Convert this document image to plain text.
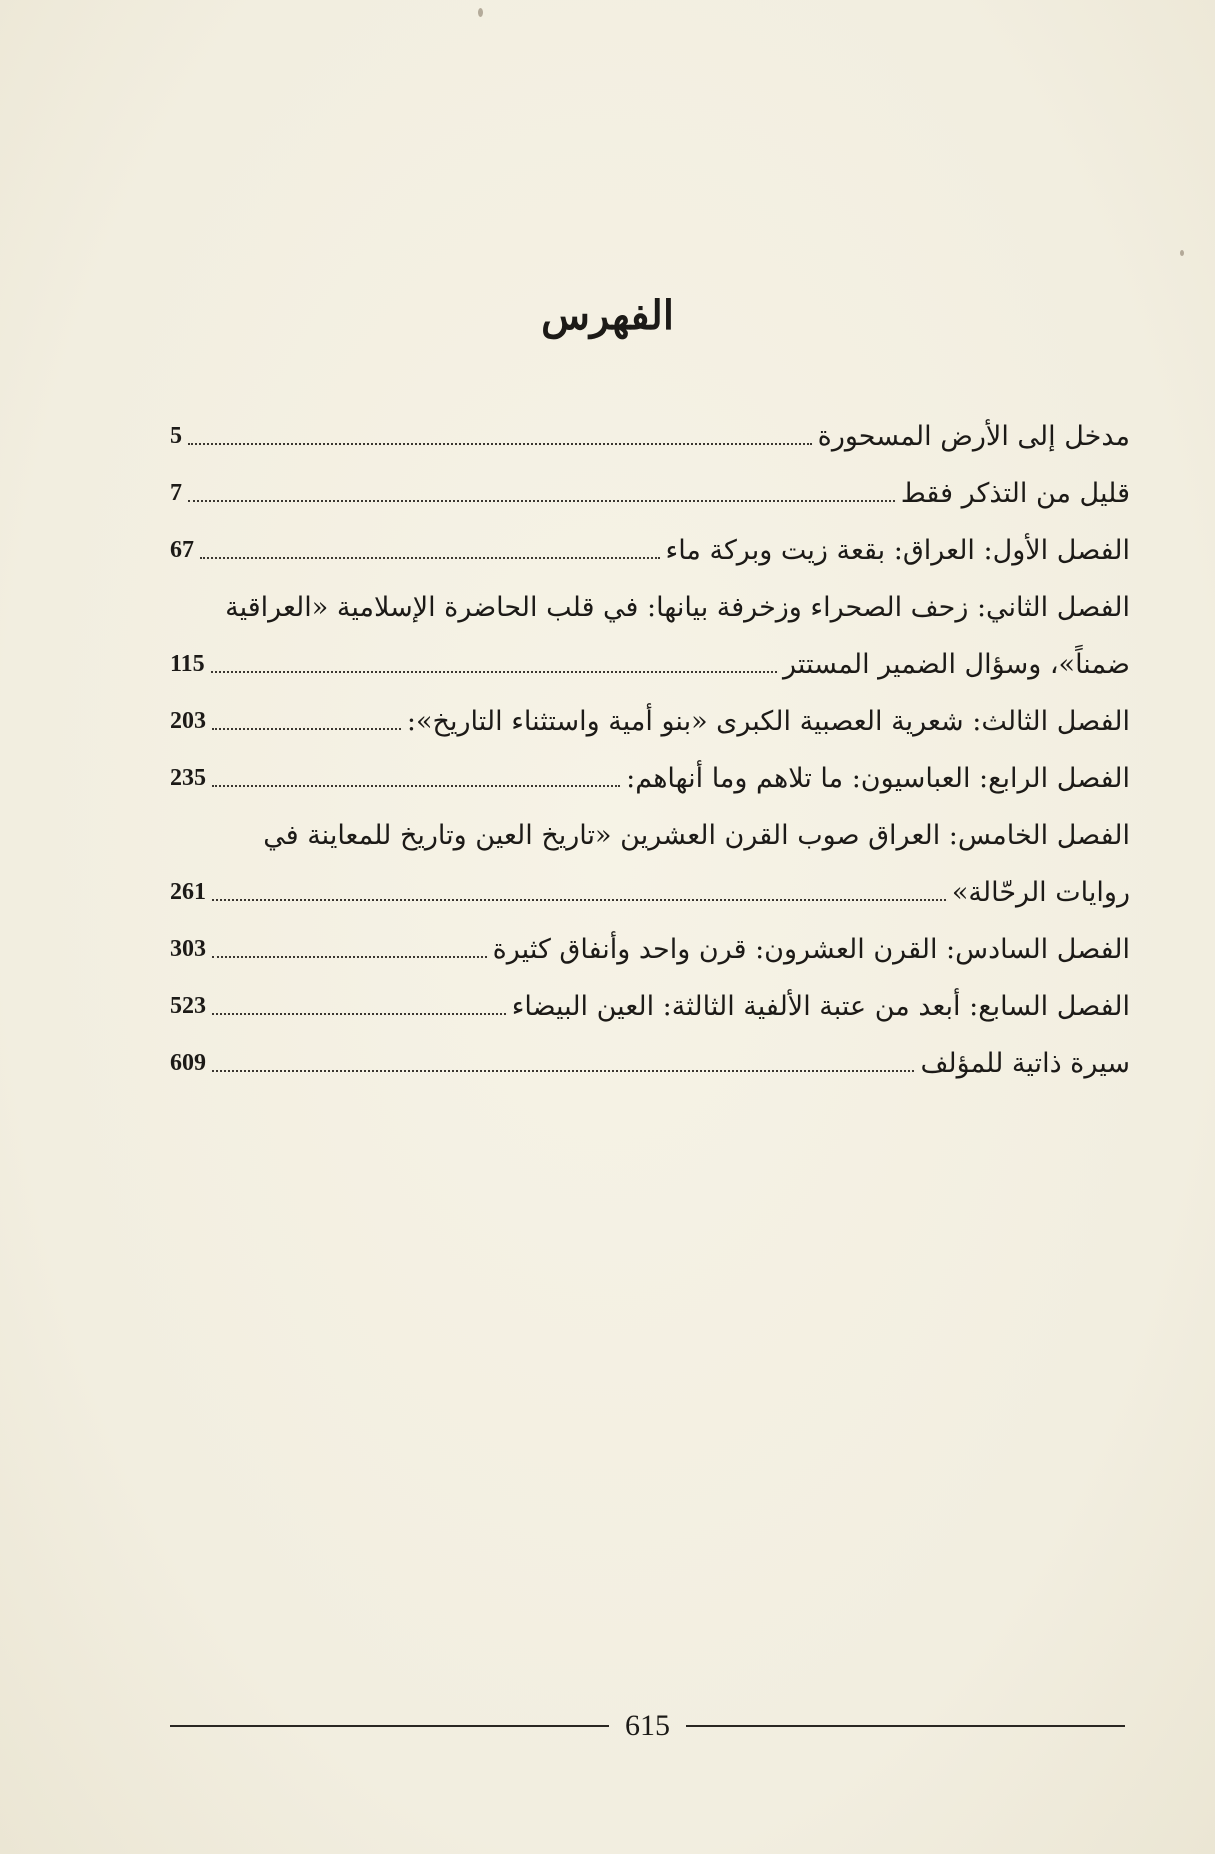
الفهرس
مدخل إلى الأرض المسحورة
5
قليل من التذكر فقط
7
الفصل الأول: العراق: بقعة زيت وبركة ماء
67
الفصل الثاني: زحف الصحراء وزخرفة بيانها: في قلب الحاضرة الإسلامية «العراقية
ضمناً»، وسؤال الضمير المستتر
115
الفصل الثالث: شعرية العصبية الكبرى «بنو أمية واستثناء التاريخ»:
203
الفصل الرابع: العباسيون: ما تلاهم وما أنهاهم:
235
الفصل الخامس: العراق صوب القرن العشرين «تاريخ العين وتاريخ للمعاينة في
روايات الرحّالة»
261
الفصل السادس: القرن العشرون: قرن واحد وأنفاق كثيرة
303
الفصل السابع: أبعد من عتبة الألفية الثالثة: العين البيضاء
523
سيرة ذاتية للمؤلف
609
615
